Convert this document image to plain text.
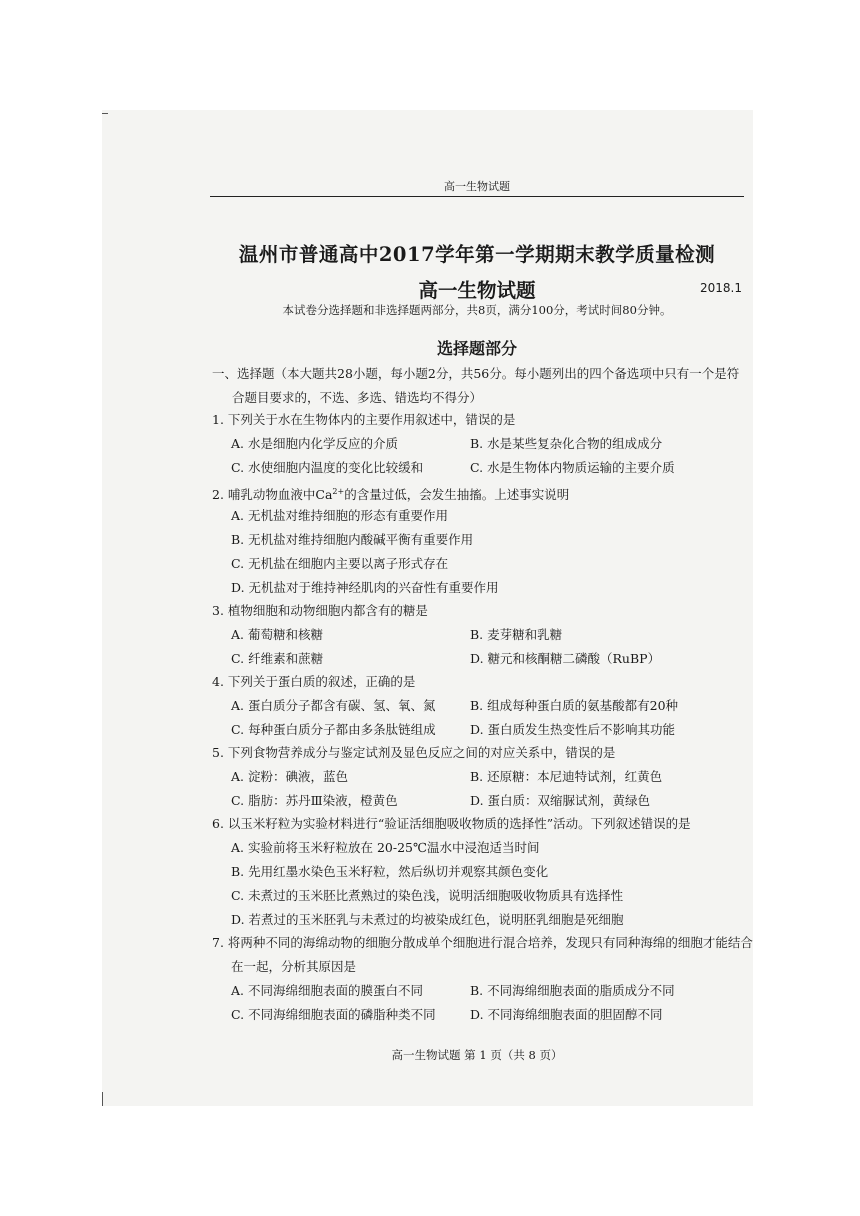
高一生物试题
温州市普通高中2017学年第一学期期末教学质量检测
高一生物试题	2018.1
本试卷分选择题和非选择题两部分，共8页，满分100分，考试时间80分钟。
选择题部分
一、选择题（本大题共28小题，每小题2分，共56分。每小题列出的四个备选项中只有一个是符
合题目要求的，不选、多选、错选均不得分）
1. 下列关于水在生物体内的主要作用叙述中，错误的是
A. 水是细胞内化学反应的介质	B. 水是某些复杂化合物的组成成分
C. 水使细胞内温度的变化比较缓和	C. 水是生物体内物质运输的主要介质
2. 哺乳动物血液中$Ca^{2+}$的含量过低，会发生抽搐。上述事实说明
A. 无机盐对维持细胞的形态有重要作用
B. 无机盐对维持细胞内酸碱平衡有重要作用
C. 无机盐在细胞内主要以离子形式存在
D. 无机盐对于维持神经肌肉的兴奋性有重要作用
3. 植物细胞和动物细胞内都含有的糖是
A. 葡萄糖和核糖	B. 麦芽糖和乳糖
C. 纤维素和蔗糖	D. 糖元和核酮糖二磷酸（RuBP）
4. 下列关于蛋白质的叙述，正确的是
A. 蛋白质分子都含有碳、氢、氧、氮	B. 组成每种蛋白质的氨基酸都有20种
C. 每种蛋白质分子都由多条肽链组成	D. 蛋白质发生热变性后不影响其功能
5. 下列食物营养成分与鉴定试剂及显色反应之间的对应关系中，错误的是
A. 淀粉：碘液，蓝色	B. 还原糖：本尼迪特试剂，红黄色
C. 脂肪：苏丹Ⅲ染液，橙黄色	D. 蛋白质：双缩脲试剂，黄绿色
6. 以玉米籽粒为实验材料进行“验证活细胞吸收物质的选择性”活动。下列叙述错误的是
A. 实验前将玉米籽粒放在 20-25℃温水中浸泡适当时间
B. 先用红墨水染色玉米籽粒，然后纵切并观察其颜色变化
C. 未煮过的玉米胚比煮熟过的染色浅，说明活细胞吸收物质具有选择性
D. 若煮过的玉米胚乳与未煮过的均被染成红色，说明胚乳细胞是死细胞
7. 将两种不同的海绵动物的细胞分散成单个细胞进行混合培养，发现只有同种海绵的细胞才能结合
在一起，分析其原因是
A. 不同海绵细胞表面的膜蛋白不同	B. 不同海绵细胞表面的脂质成分不同
C. 不同海绵细胞表面的磷脂种类不同	D. 不同海绵细胞表面的胆固醇不同
高一生物试题 第 1 页（共 8 页）
